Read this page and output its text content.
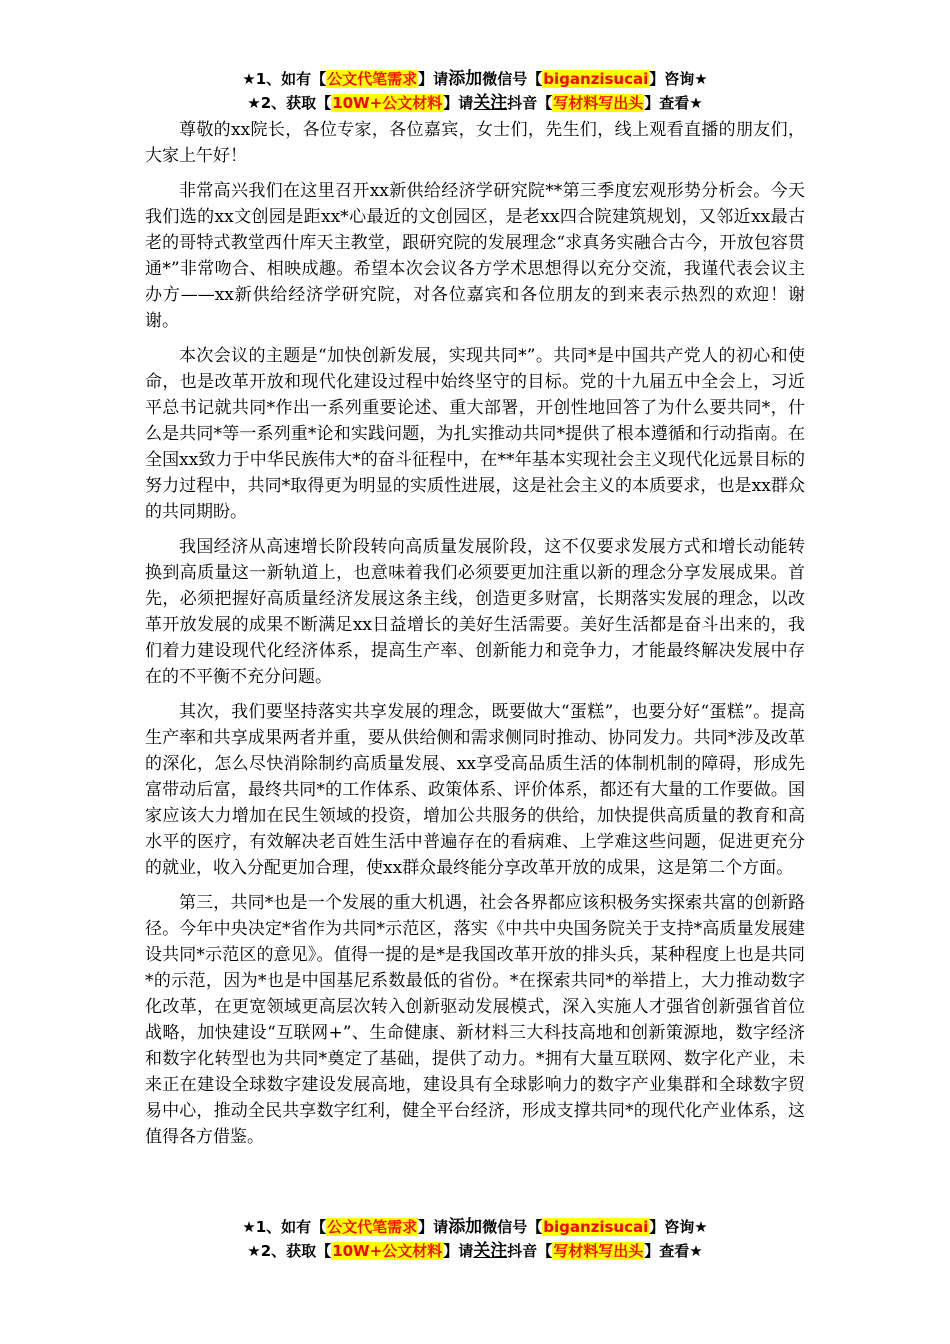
★1、如有【公文代笔需求】请添加微信号【biganzisucai】咨询★
★2、获取【10W+公文材料】请关注抖音【写材料写出头】查看★

尊敬的xx院长，各位专家，各位嘉宾，女士们，先生们，线上观看直播的朋友们，大家上午好！

非常高兴我们在这里召开xx新供给经济学研究院**第三季度宏观形势分析会。今天我们选的xx文创园是距xx*心最近的文创园区，是老xx四合院建筑规划，又邻近xx最古老的哥特式教堂西什库天主教堂，跟研究院的发展理念“求真务实融合古今，开放包容贯通*”非常吻合、相映成趣。希望本次会议各方学术思想得以充分交流，我谨代表会议主办方——xx新供给经济学研究院，对各位嘉宾和各位朋友的到来表示热烈的欢迎！谢谢。

本次会议的主题是“加快创新发展，实现共同*”。共同*是中国共产党人的初心和使命，也是改革开放和现代化建设过程中始终坚守的目标。党的十九届五中全会上，习近平总书记就共同*作出一系列重要论述、重大部署，开创性地回答了为什么要共同*，什么是共同*等一系列重*论和实践问题，为扎实推动共同*提供了根本遵循和行动指南。在全国xx致力于中华民族伟大*的奋斗征程中，在**年基本实现社会主义现代化远景目标的努力过程中，共同*取得更为明显的实质性进展，这是社会主义的本质要求，也是xx群众的共同期盼。

我国经济从高速增长阶段转向高质量发展阶段，这不仅要求发展方式和增长动能转换到高质量这一新轨道上，也意味着我们必须要更加注重以新的理念分享发展成果。首先，必须把握好高质量经济发展这条主线，创造更多财富，长期落实发展的理念，以改革开放发展的成果不断满足xx日益增长的美好生活需要。美好生活都是奋斗出来的，我们着力建设现代化经济体系，提高生产率、创新能力和竞争力，才能最终解决发展中存在的不平衡不充分问题。

其次，我们要坚持落实共享发展的理念，既要做大“蛋糕”，也要分好“蛋糕”。提高生产率和共享成果两者并重，要从供给侧和需求侧同时推动、协同发力。共同*涉及改革的深化，怎么尽快消除制约高质量发展、xx享受高品质生活的体制机制的障碍，形成先富带动后富，最终共同*的工作体系、政策体系、评价体系，都还有大量的工作要做。国家应该大力增加在民生领域的投资，增加公共服务的供给，加快提供高质量的教育和高水平的医疗，有效解决老百姓生活中普遍存在的看病难、上学难这些问题，促进更充分的就业，收入分配更加合理，使xx群众最终能分享改革开放的成果，这是第二个方面。

第三，共同*也是一个发展的重大机遇，社会各界都应该积极务实探索共富的创新路径。今年中央决定*省作为共同*示范区，落实《中共中央国务院关于支持*高质量发展建设共同*示范区的意见》。值得一提的是*是我国改革开放的排头兵，某种程度上也是共同*的示范，因为*也是中国基尼系数最低的省份。*在探索共同*的举措上，大力推动数字化改革，在更宽领域更高层次转入创新驱动发展模式，深入实施人才强省创新强省首位战略，加快建设“互联网+”、生命健康、新材料三大科技高地和创新策源地，数字经济和数字化转型也为共同*奠定了基础，提供了动力。*拥有大量互联网、数字化产业，未来正在建设全球数字建设发展高地，建设具有全球影响力的数字产业集群和全球数字贸易中心，推动全民共享数字红利，健全平台经济，形成支撑共同*的现代化产业体系，这值得各方借鉴。

★1、如有【公文代笔需求】请添加微信号【biganzisucai】咨询★
★2、获取【10W+公文材料】请关注抖音【写材料写出头】查看★
